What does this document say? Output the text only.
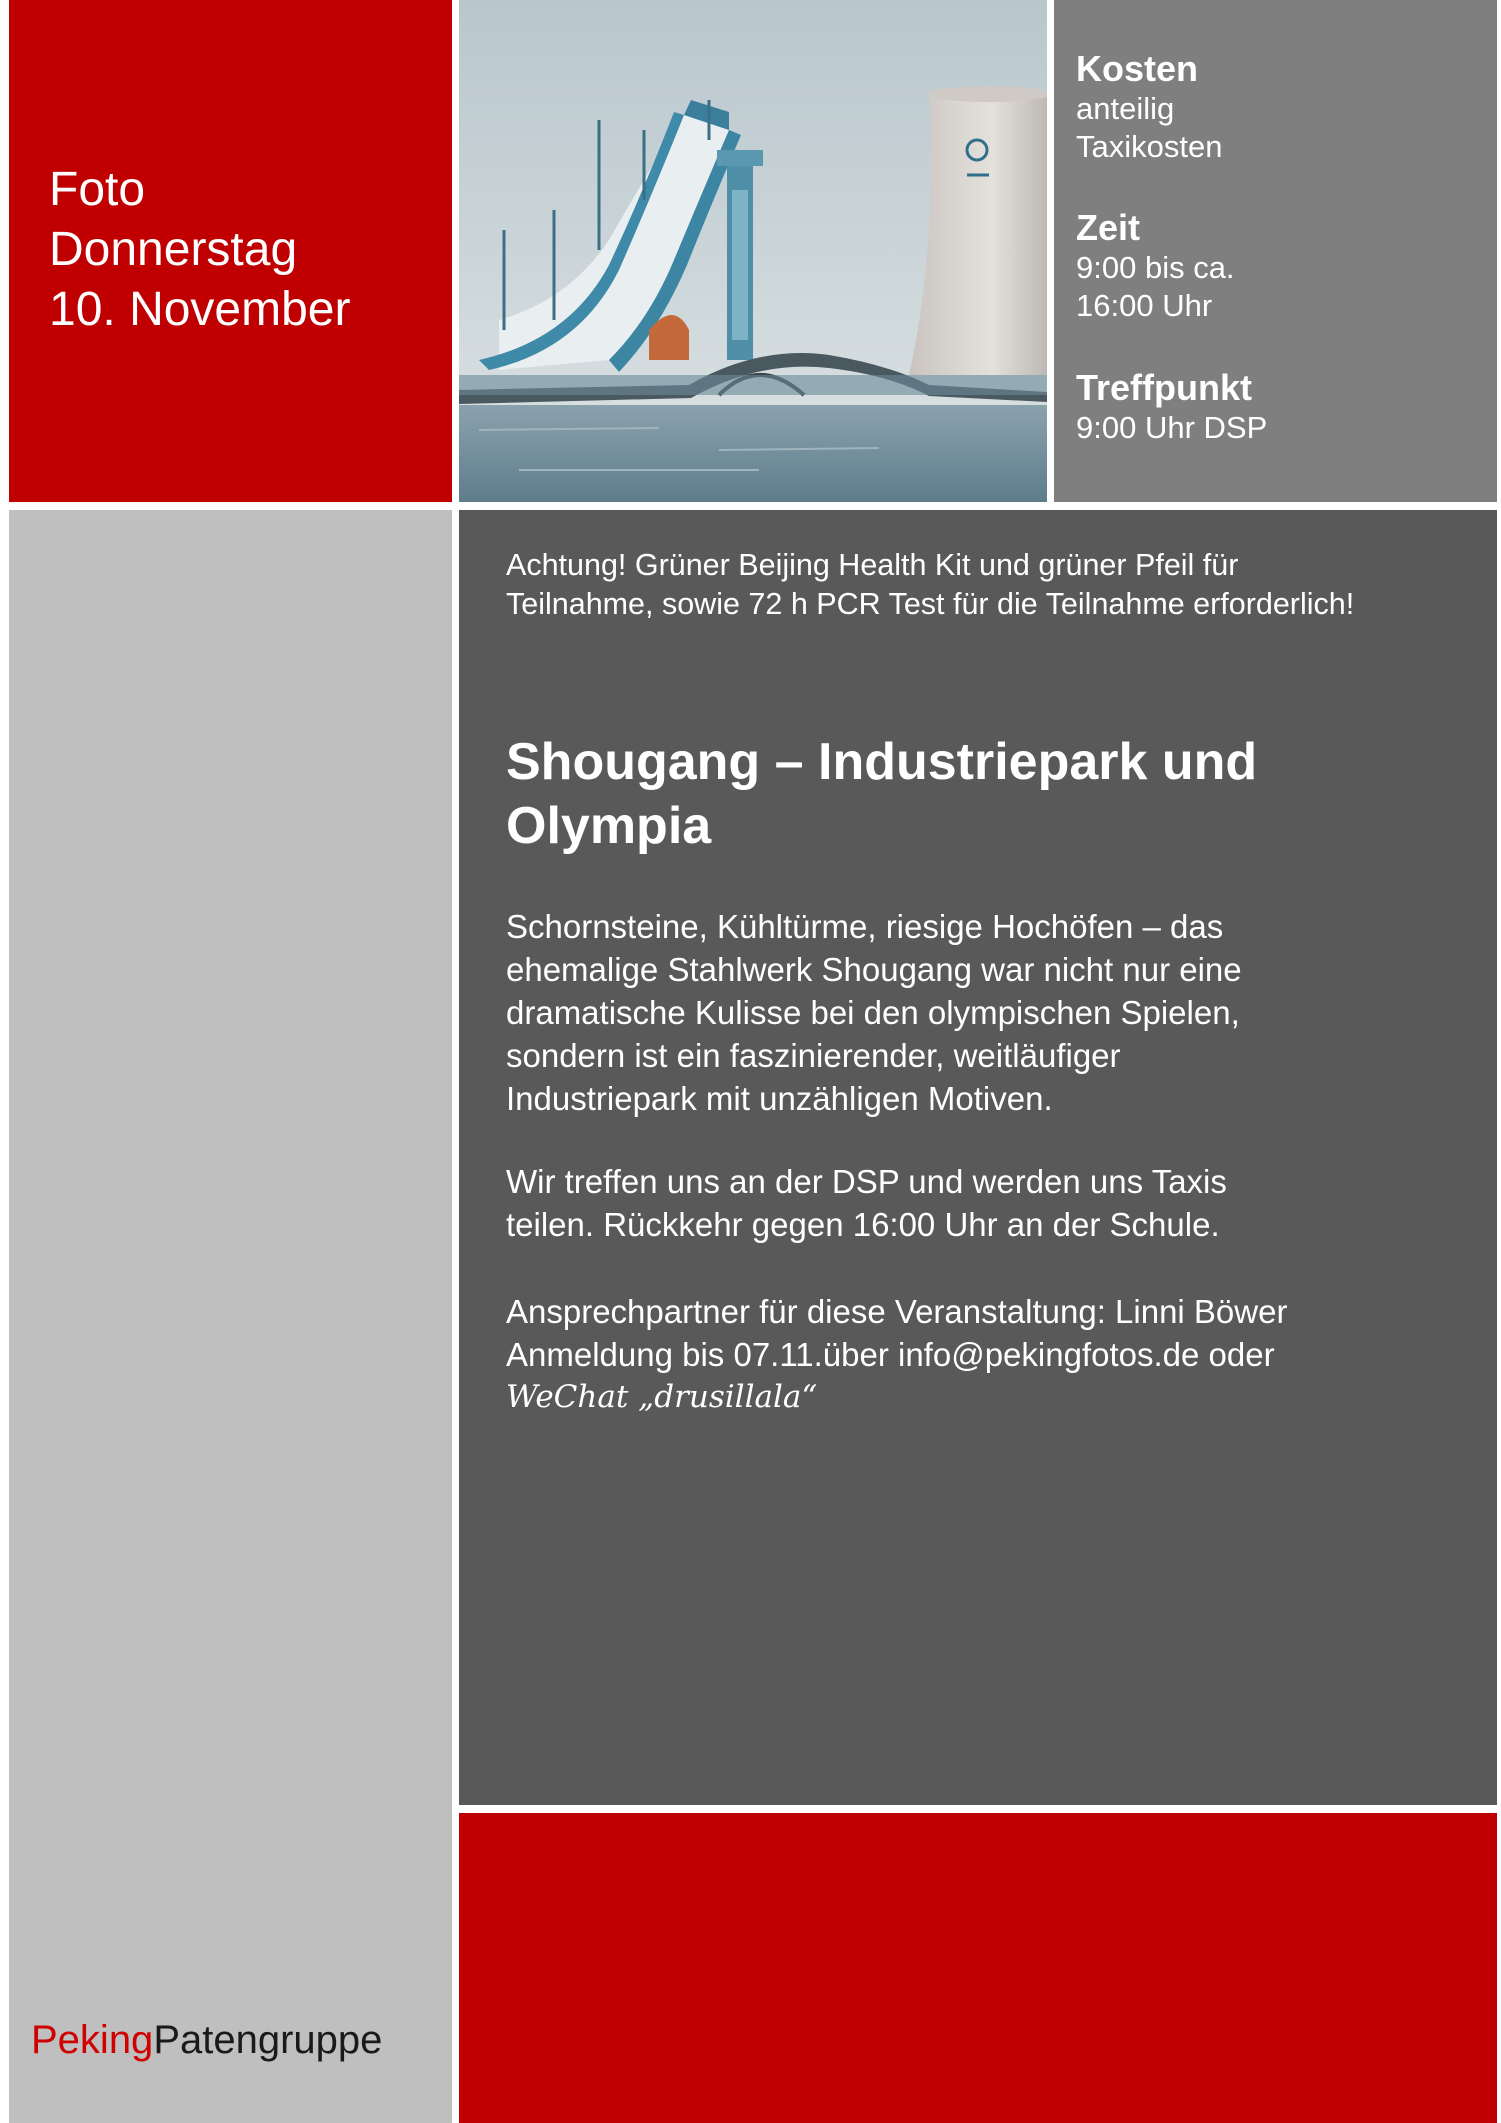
Foto
Donnerstag
10. November
Kosten
anteilig
Taxikosten
Zeit
9:00 bis ca.
16:00 Uhr
Treffpunkt
9:00 Uhr DSP
PekingPatengruppe
Achtung! Grüner Beijing Health Kit und grüner Pfeil für
Teilnahme, sowie 72 h PCR Test für die Teilnahme erforderlich!
Shougang – Industriepark und
Olympia
Schornsteine, Kühltürme, riesige Hochöfen – das
ehemalige Stahlwerk Shougang war nicht nur eine
dramatische Kulisse bei den olympischen Spielen,
sondern ist ein faszinierender, weitläufiger
Industriepark mit unzähligen Motiven.
Wir treffen uns an der DSP und werden uns Taxis
teilen. Rückkehr gegen 16:00 Uhr an der Schule.
Ansprechpartner für diese Veranstaltung: Linni Böwer
Anmeldung bis 07.11.über info@pekingfotos.de oder
WeChat „drusillala“
